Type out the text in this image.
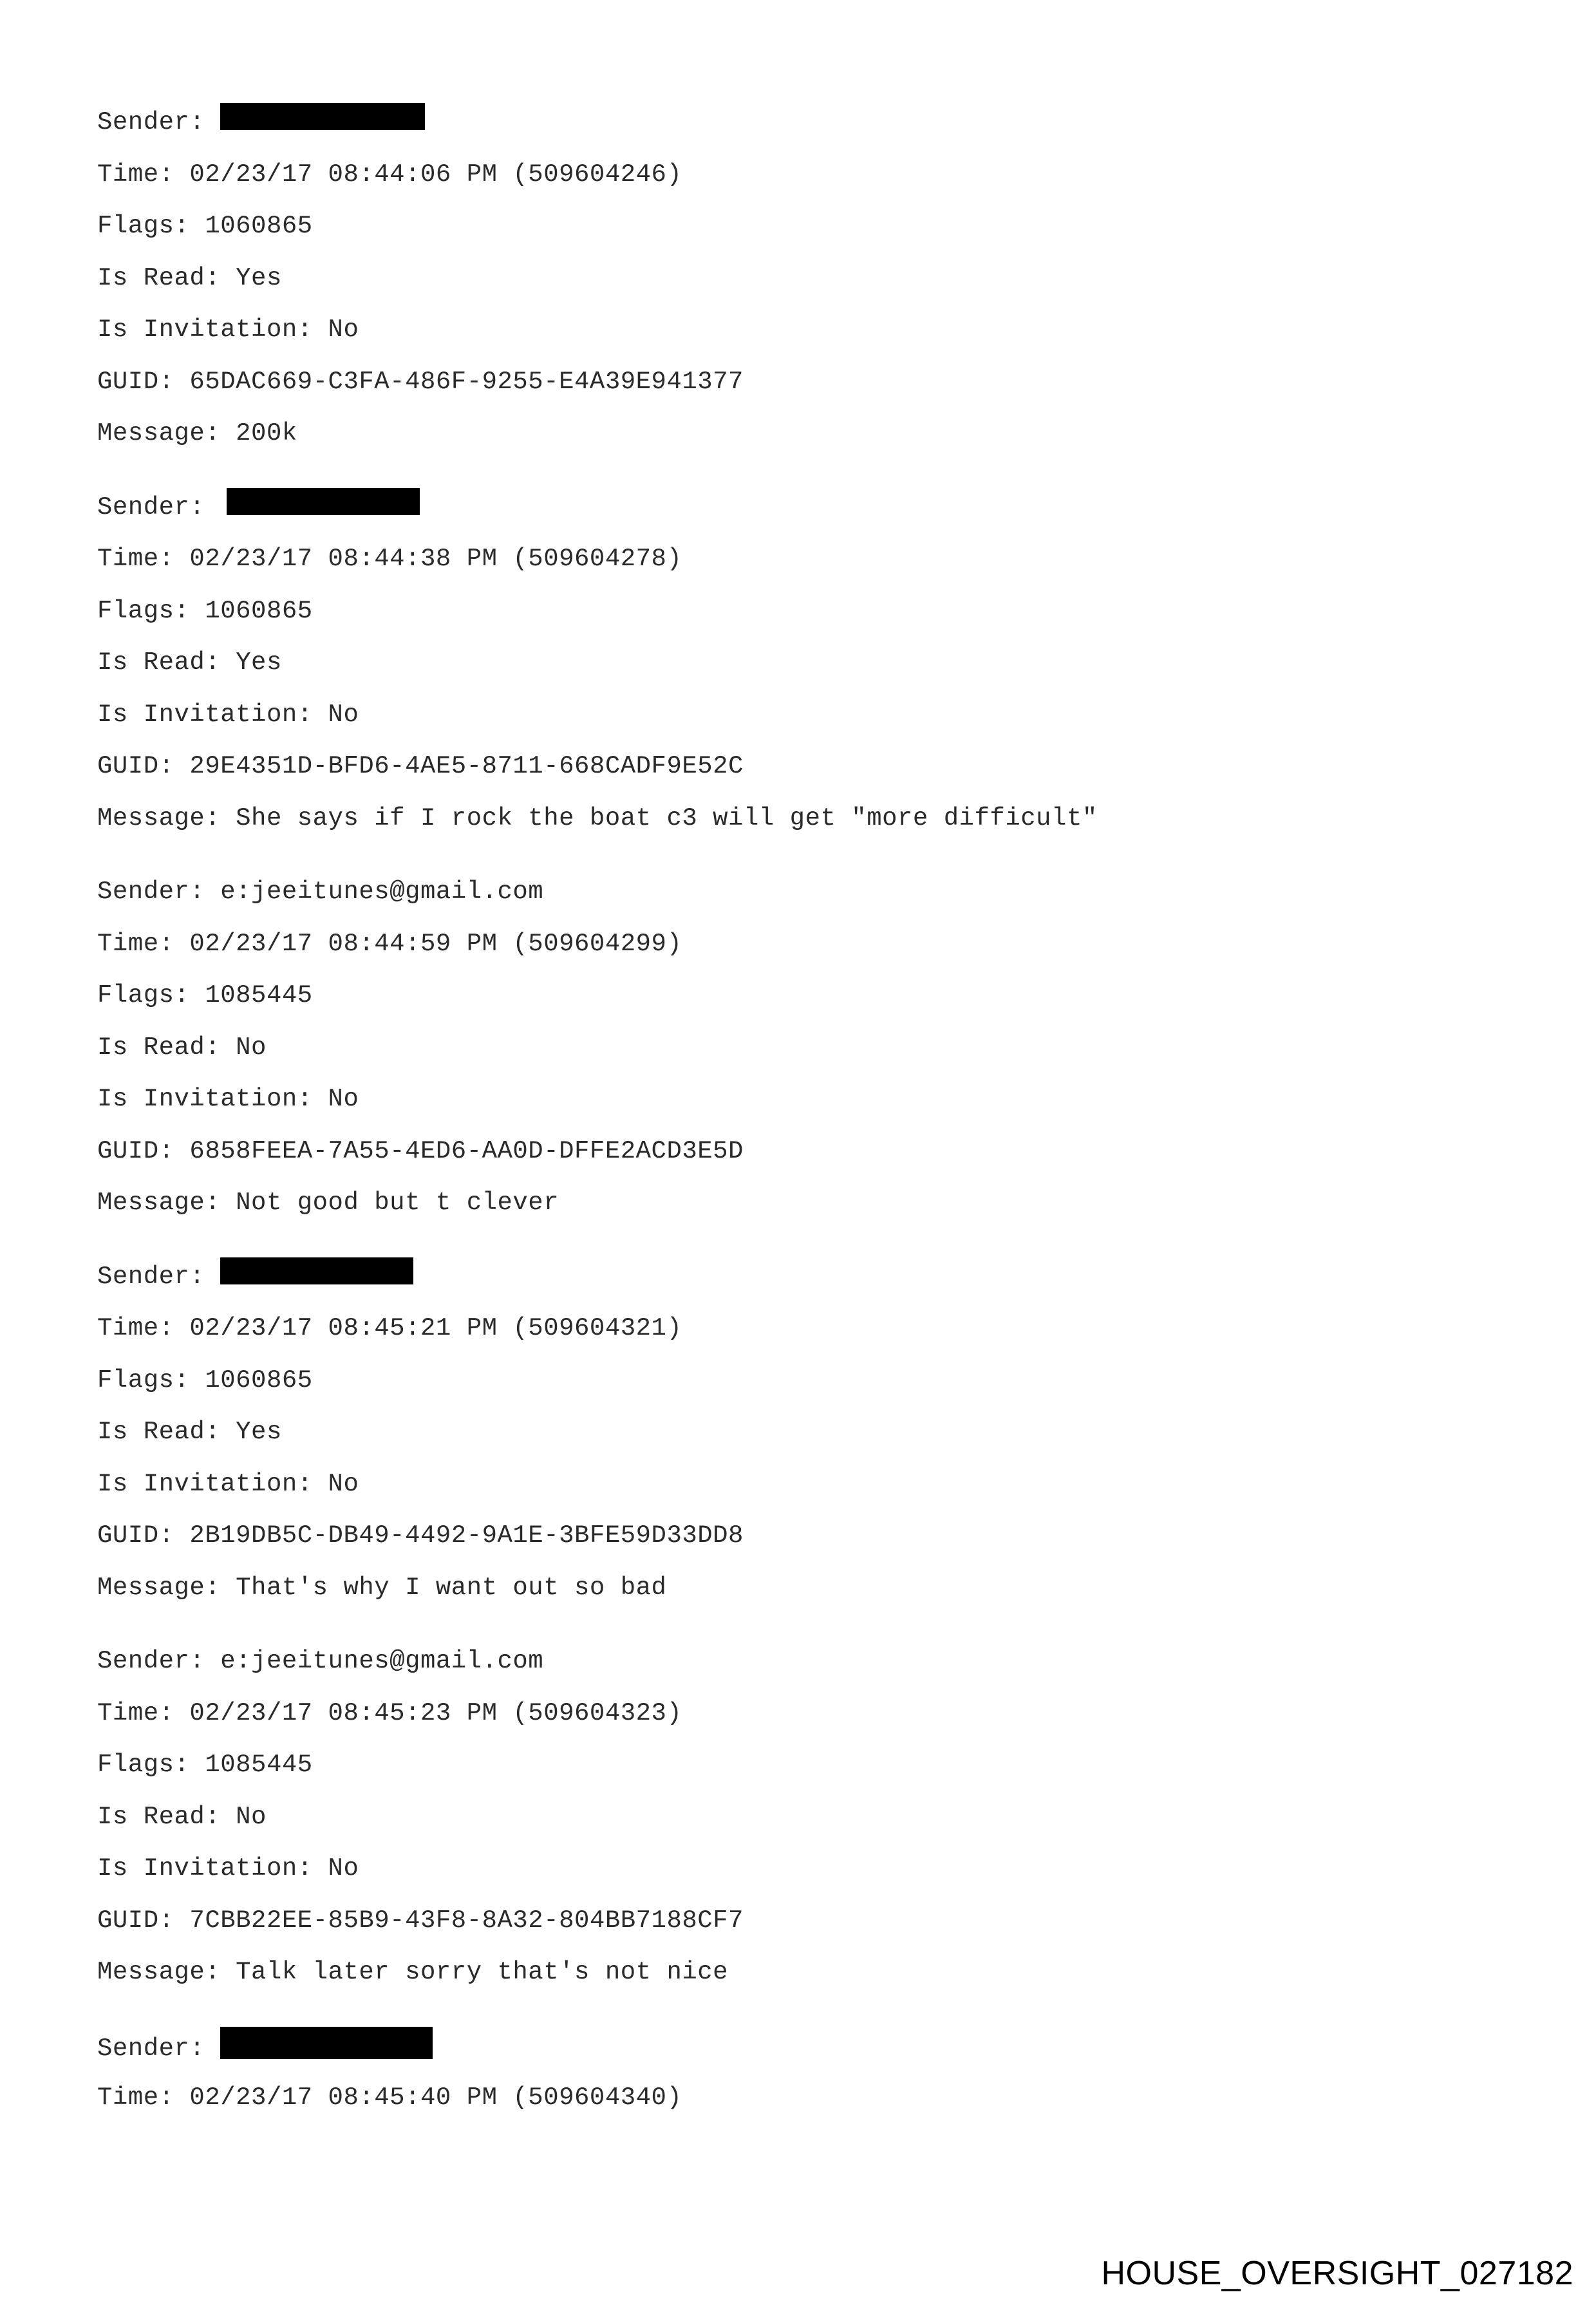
Sender:
Time: 02/23/17 08:44:06 PM (509604246)
Flags: 1060865
Is Read: Yes
Is Invitation: No
GUID: 65DAC669-C3FA-486F-9255-E4A39E941377
Message: 200k
Sender:
Time: 02/23/17 08:44:38 PM (509604278)
Flags: 1060865
Is Read: Yes
Is Invitation: No
GUID: 29E4351D-BFD6-4AE5-8711-668CADF9E52C
Message: She says if I rock the boat c3 will get "more difficult"
Sender: e:jeeitunes@gmail.com
Time: 02/23/17 08:44:59 PM (509604299)
Flags: 1085445
Is Read: No
Is Invitation: No
GUID: 6858FEEA-7A55-4ED6-AA0D-DFFE2ACD3E5D
Message: Not good but t clever
Sender:
Time: 02/23/17 08:45:21 PM (509604321)
Flags: 1060865
Is Read: Yes
Is Invitation: No
GUID: 2B19DB5C-DB49-4492-9A1E-3BFE59D33DD8
Message: That's why I want out so bad
Sender: e:jeeitunes@gmail.com
Time: 02/23/17 08:45:23 PM (509604323)
Flags: 1085445
Is Read: No
Is Invitation: No
GUID: 7CBB22EE-85B9-43F8-8A32-804BB7188CF7
Message: Talk later sorry that's not nice
Sender:
Time: 02/23/17 08:45:40 PM (509604340)
HOUSE_OVERSIGHT_027182
